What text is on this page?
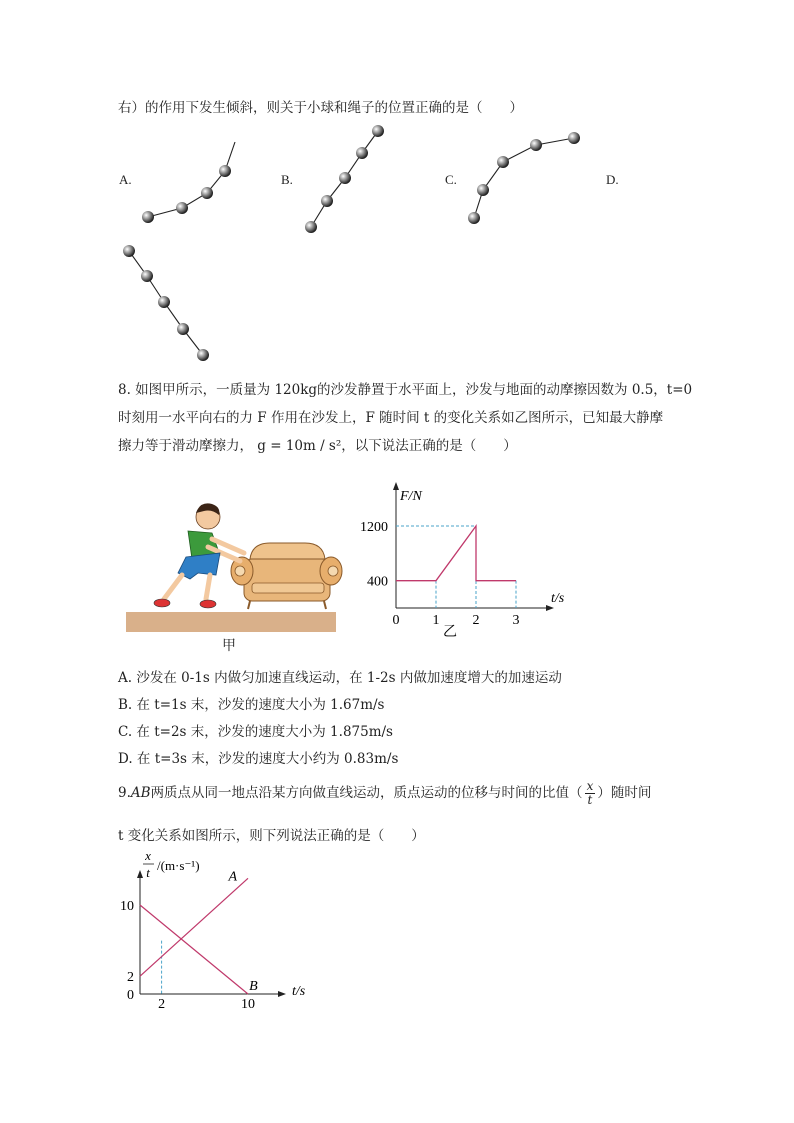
右）的作用下发生倾斜，则关于小球和绳子的位置正确的是（　　）
A.	B.	C.	D.
8. 如图甲所示，一质量为 120kg的沙发静置于水平面上，沙发与地面的动摩擦因数为 0.5，t=0
时刻用一水平向右的力 F 作用在沙发上，F 随时间 t 的变化关系如乙图所示，已知最大静摩
擦力等于滑动摩擦力， g = 10m / s²，以下说法正确的是（　　）
甲
F/N
t/s
400
1200
0 1 2 3
乙
A. 沙发在 0-1s 内做匀加速直线运动，在 1-2s 内做加速度增大的加速运动
B. 在 t=1s 末，沙发的速度大小为 1.67m/s
C. 在 t=2s 末，沙发的速度大小为 1.875m/s
D. 在 t=3s 末，沙发的速度大小约为 0.83m/s
9.AB两质点从同一地点沿某方向做直线运动，质点运动的位移与时间的比值（ $\frac{x}{t}$ ）随时间
t 变化关系如图所示，则下列说法正确的是（　　）
x
t /(m·s⁻¹)
t/s
A
B
10
2
0
2	10
